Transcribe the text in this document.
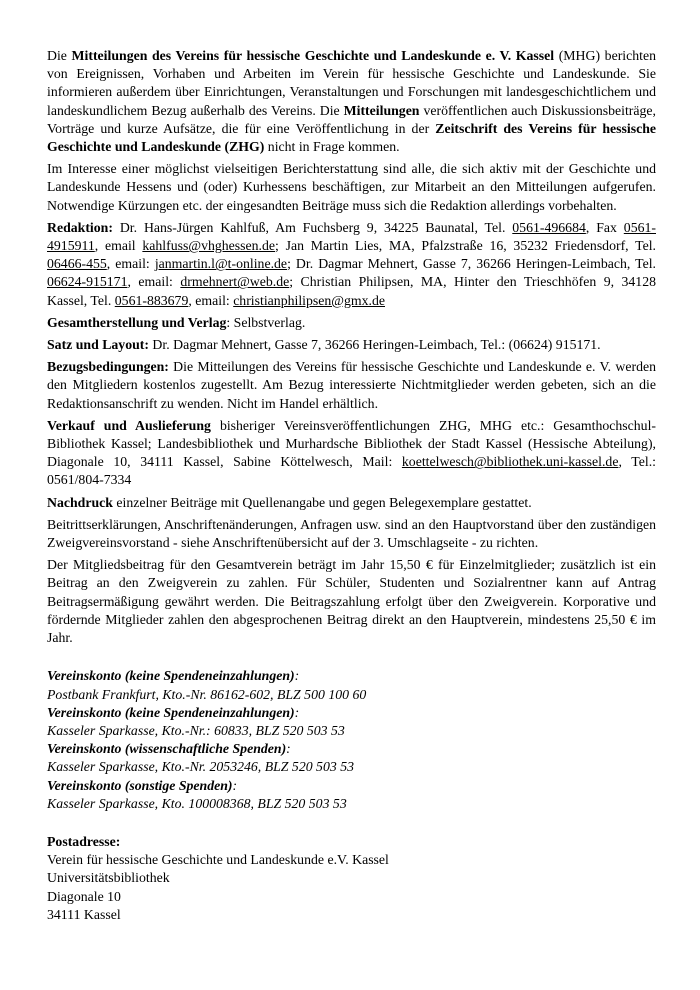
Die Mitteilungen des Vereins für hessische Geschichte und Landeskunde e. V. Kassel (MHG) berichten von Ereignissen, Vorhaben und Arbeiten im Verein für hessische Geschichte und Landeskunde. Sie informieren außerdem über Einrichtungen, Veranstaltungen und Forschungen mit landesgeschichtlichem und landeskundlichem Bezug außerhalb des Vereins. Die Mitteilungen veröffentlichen auch Diskussionsbeiträge, Vorträge und kurze Aufsätze, die für eine Veröffentlichung in der Zeitschrift des Vereins für hessische Geschichte und Landeskunde (ZHG) nicht in Frage kommen.

Im Interesse einer möglichst vielseitigen Berichterstattung sind alle, die sich aktiv mit der Geschichte und Landeskunde Hessens und (oder) Kurhessens beschäftigen, zur Mitarbeit an den Mitteilungen aufgerufen. Notwendige Kürzungen etc. der eingesandten Beiträge muss sich die Redaktion allerdings vorbehalten.

Redaktion: Dr. Hans-Jürgen Kahlfuß, Am Fuchsberg 9, 34225 Baunatal, Tel. 0561-496684, Fax 0561-4915911, email kahlfuss@vhghessen.de; Jan Martin Lies, MA, Pfalzstraße 16, 35232 Friedensdorf, Tel. 06466-455, email: janmartin.l@t-online.de; Dr. Dagmar Mehnert, Gasse 7, 36266 Heringen-Leimbach, Tel. 06624-915171, email: drmehnert@web.de; Christian Philipsen, MA, Hinter den Trieschhöfen 9, 34128 Kassel, Tel. 0561-883679, email: christianphilipsen@gmx.de

Gesamtherstellung und Verlag: Selbstverlag.

Satz und Layout: Dr. Dagmar Mehnert, Gasse 7, 36266 Heringen-Leimbach, Tel.: (06624) 915171.

Bezugsbedingungen: Die Mitteilungen des Vereins für hessische Geschichte und Landeskunde e. V. werden den Mitgliedern kostenlos zugestellt. Am Bezug interessierte Nichtmitglieder werden gebeten, sich an die Redaktionsanschrift zu wenden. Nicht im Handel erhältlich.

Verkauf und Auslieferung bisheriger Vereinsveröffentlichungen ZHG, MHG etc.: Gesamthochschul-Bibliothek Kassel; Landesbibliothek und Murhardsche Bibliothek der Stadt Kassel (Hessische Abteilung), Diagonale 10, 34111 Kassel, Sabine Köttelwesch, Mail: koettelwesch@bibliothek.uni-kassel.de, Tel.: 0561/804-7334

Nachdruck einzelner Beiträge mit Quellenangabe und gegen Belegexemplare gestattet.

Beitrittserklärungen, Anschriftenänderungen, Anfragen usw. sind an den Hauptvorstand über den zuständigen Zweigvereinsvorstand - siehe Anschriftenübersicht auf der 3. Umschlagseite - zu richten.

Der Mitgliedsbeitrag für den Gesamtverein beträgt im Jahr 15,50 € für Einzelmitglieder; zusätzlich ist ein Beitrag an den Zweigverein zu zahlen. Für Schüler, Studenten und Sozialrentner kann auf Antrag Beitragsermäßigung gewährt werden. Die Beitragszahlung erfolgt über den Zweigverein. Korporative und fördernde Mitglieder zahlen den abgesprochenen Beitrag direkt an den Hauptverein, mindestens 25,50 € im Jahr.

Vereinskonto (keine Spendeneinzahlungen):

Postbank Frankfurt, Kto.-Nr. 86162-602, BLZ 500 100 60

Vereinskonto (keine Spendeneinzahlungen):

Kasseler Sparkasse, Kto.-Nr.: 60833, BLZ 520 503 53

Vereinskonto (wissenschaftliche Spenden):

Kasseler Sparkasse, Kto.-Nr. 2053246, BLZ 520 503 53

Vereinskonto (sonstige Spenden):

Kasseler Sparkasse, Kto. 100008368, BLZ 520 503 53

Postadresse:

Verein für hessische Geschichte und Landeskunde e.V. Kassel

Universitätsbibliothek

Diagonale 10

34111 Kassel
